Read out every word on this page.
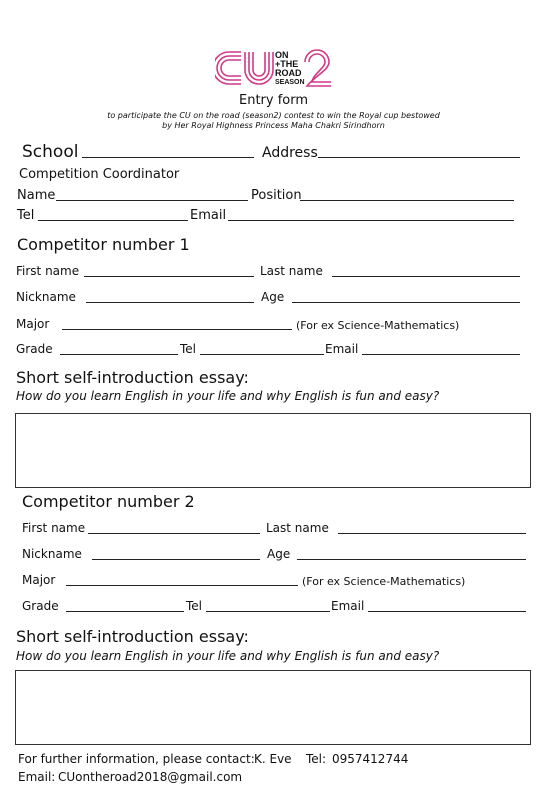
ON
+THE
ROAD
SEASON
Entry form
to participate the CU on the road (season2) contest to win the Royal cup bestowed
by Her Royal Highness Princess Maha Chakri Sirindhorn
School	Address
Competition Coordinator
Name	Position
Tel	Email
Competitor number 1
First name	Last name
Nickname	Age
Major	(For ex Science-Mathematics)
Grade	Tel	Email
Short self-introduction essay:
How do you learn English in your life and why English is fun and easy?
Competitor number 2
First name	Last name
Nickname	Age
Major	(For ex Science-Mathematics)
Grade	Tel	Email
Short self-introduction essay:
How do you learn English in your life and why English is fun and easy?
For further information, please contact: K. Eve Tel: 0957412744
Email: CUontheroad2018@gmail.com
